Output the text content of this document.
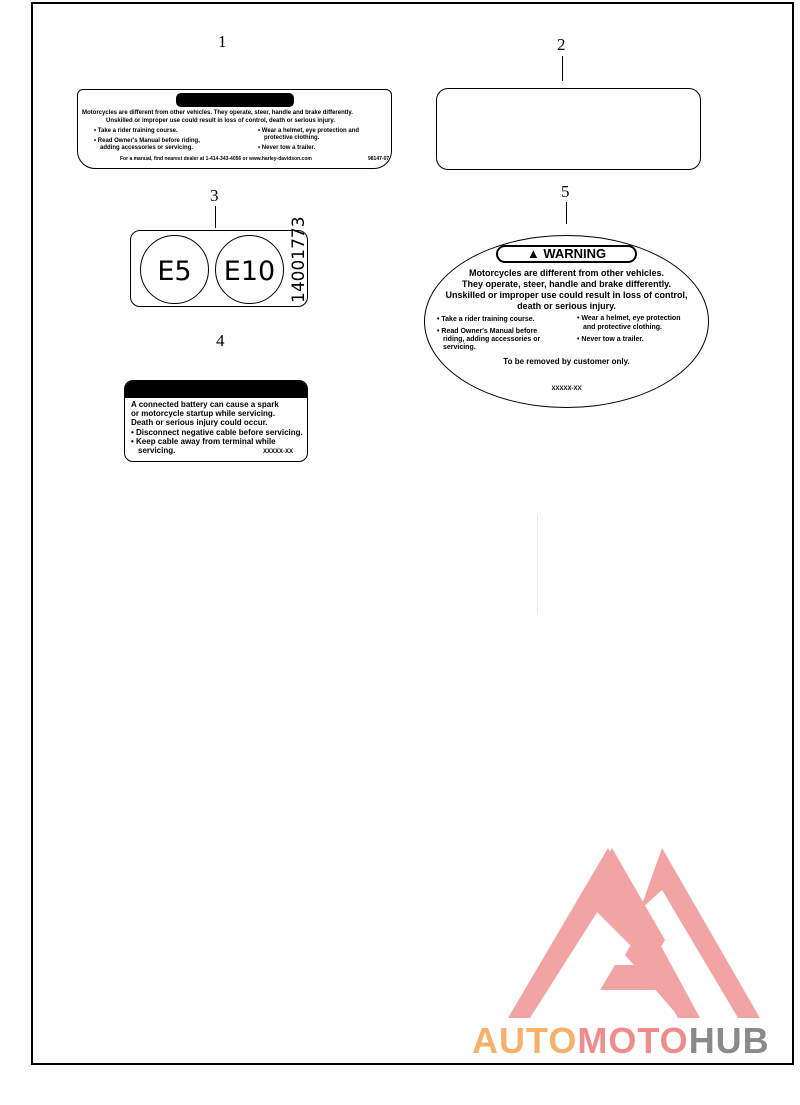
1	2
3
4
5
Motorcycles are different from other vehicles. They operate, steer, handle and brake differently.
Unskilled or improper use could result in loss of control, death or serious injury.
• Take a rider training course.
• Read Owner's Manual before riding,
adding accessories or servicing.
• Wear a helmet, eye protection and
protective clothing.
• Never tow a trailer.
For a manual, find nearest dealer at 1-414-343-4056 or www.harley-davidson.com	98147-07
E5	E10 14001773
A connected battery can cause a spark
or motorcycle startup while servicing.
Death or serious injury could occur.
• Disconnect negative cable before servicing.
• Keep cable away from terminal while
servicing.	XXXXX-XX
▲ WARNING
Motorcycles are different from other vehicles.
They operate, steer, handle and brake differently.
Unskilled or improper use could result in loss of control,
death or serious injury.
• Take a rider training course.
• Read Owner's Manual before
riding, adding accessories or
servicing.
• Wear a helmet, eye protection
and protective clothing.
• Never tow a trailer.
To be removed by customer only.
XXXXX-XX
AUTOMOTOHUB
